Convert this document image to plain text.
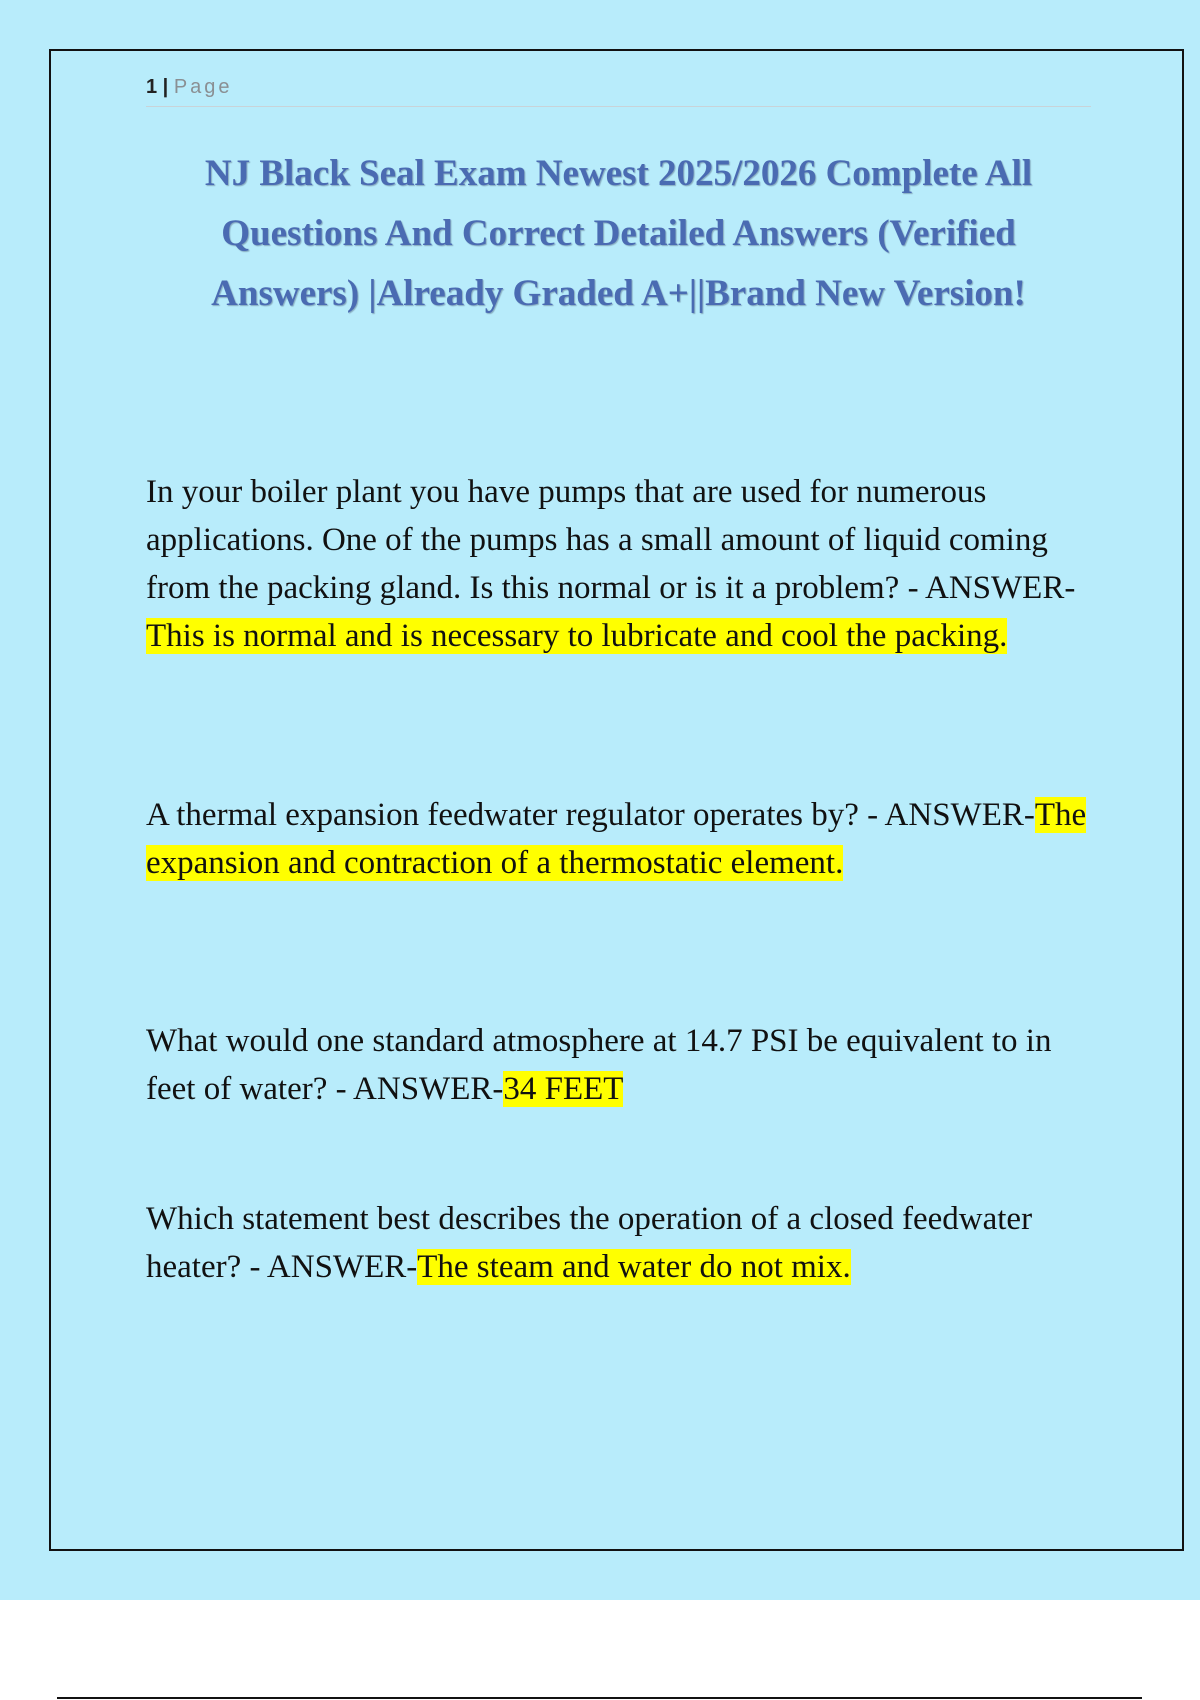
1 | Page
NJ Black Seal Exam Newest 2025/2026 Complete All Questions And Correct Detailed Answers (Verified Answers) |Already Graded A+||Brand New Version!

In your boiler plant you have pumps that are used for numerous applications. One of the pumps has a small amount of liquid coming from the packing gland. Is this normal or is it a problem? - ANSWER-This is normal and is necessary to lubricate and cool the packing.

A thermal expansion feedwater regulator operates by? - ANSWER-The expansion and contraction of a thermostatic element.

What would one standard atmosphere at 14.7 PSI be equivalent to in feet of water? - ANSWER-34 FEET

Which statement best describes the operation of a closed feedwater heater? - ANSWER-The steam and water do not mix.
